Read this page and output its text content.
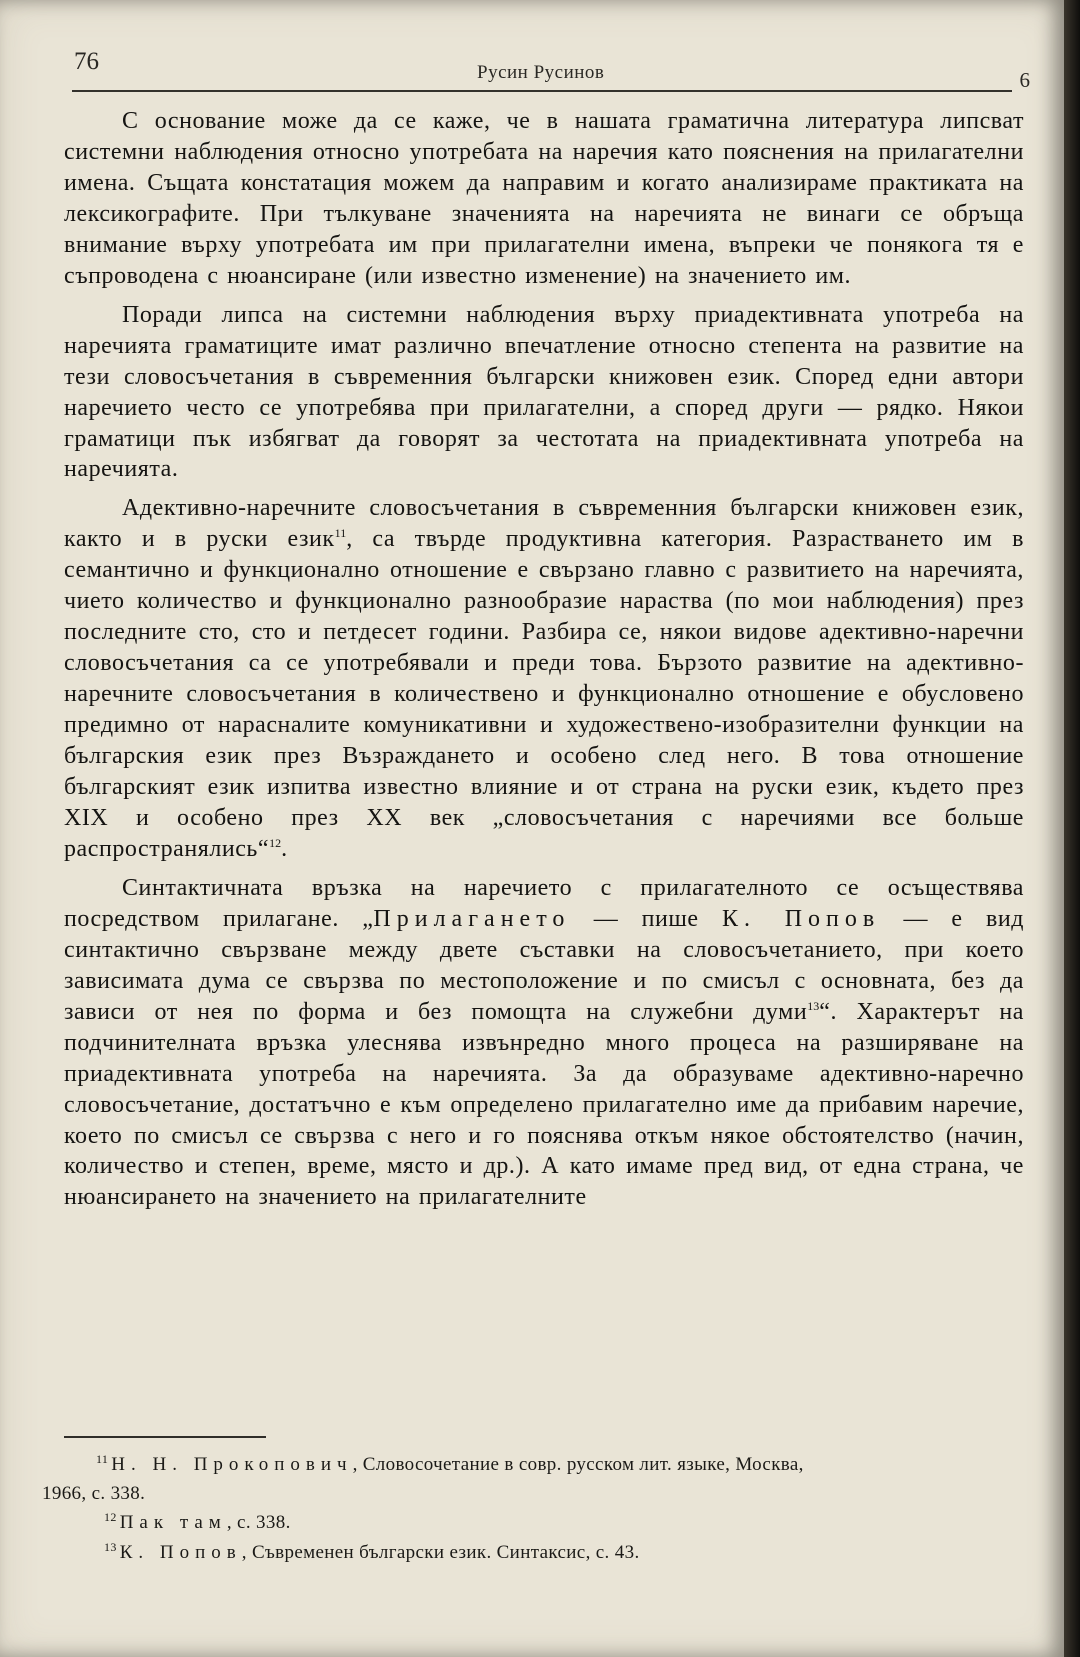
76	Русин Русинов	6

С основание може да се каже, че в нашата граматична литература липсват системни наблюдения относно употребата на наречия като пояснения на прилагателни имена. Същата констатация можем да направим и когато анализираме практиката на лексикографите. При тълкуване значенията на наречията не винаги се обръща внимание върху употребата им при прилагателни имена, въпреки че понякога тя е съпроводена с нюансиране (или известно изменение) на значението им.

Поради липса на системни наблюдения върху приадективната употреба на наречията граматиците имат различно впечатление относно степента на развитие на тези словосъчетания в съвременния български книжовен език. Според едни автори наречието често се употребява при прилагателни, а според други — рядко. Някои граматици пък избягват да говорят за честотата на приадективната употреба на наречията.

Адективно-наречните словосъчетания в съвременния български книжовен език, както и в руски език$^{11}$, са твърде продуктивна категория. Разрастването им в семантично и функционално отношение е свързано главно с развитието на наречията, чието количество и функционално разнообразие нараства (по мои наблюдения) през последните сто, сто и петдесет години. Разбира се, някои видове адективно-наречни словосъчетания са се употребявали и преди това. Бързото развитие на адективно-наречните словосъчетания в количествено и функционално отношение е обусловено предимно от нараснaлите комуникативни и художествено-изобразителни функции на българския език през Възраждането и особено след него. В това отношение българският език изпитва известно влияние и от страна на руски език, където през XIX и особено през XX век „словосъчетания с наречиями все больше распространялись“$^{12}$.

Синтактичната връзка на наречието с прилагателното се осъществява посредством прилагане. „Прилагането — пише К. Попов — е вид синтактично свързване между двете съставки на словосъчетанието, при което зависимата дума се свързва по местоположение и по смисъл с основната, без да зависи от нея по форма и без помощта на служебни думи$^{13}$“. Характерът на подчинителната връзка улеснява извънредно много процеса на разширяване на приадективната употреба на наречията. За да образуваме адективно-наречно словосъчетание, достатъчно е към определено прилагателно име да прибавим наречие, което по смисъл се свързва с него и го пояснява откъм някое обстоятелство (начин, количество и степен, време, място и др.). А като имаме пред вид, от една страна, че нюансирането на значението на прилагателните

$^{11}$ Н. Н. Прокопович, Словосочетание в совр. русском лит. языке, Москва,

1966, с. 338.

$^{12}$ Пак там, с. 338.

$^{13}$ К. Попов, Съвременен български език. Синтаксис, с. 43.
